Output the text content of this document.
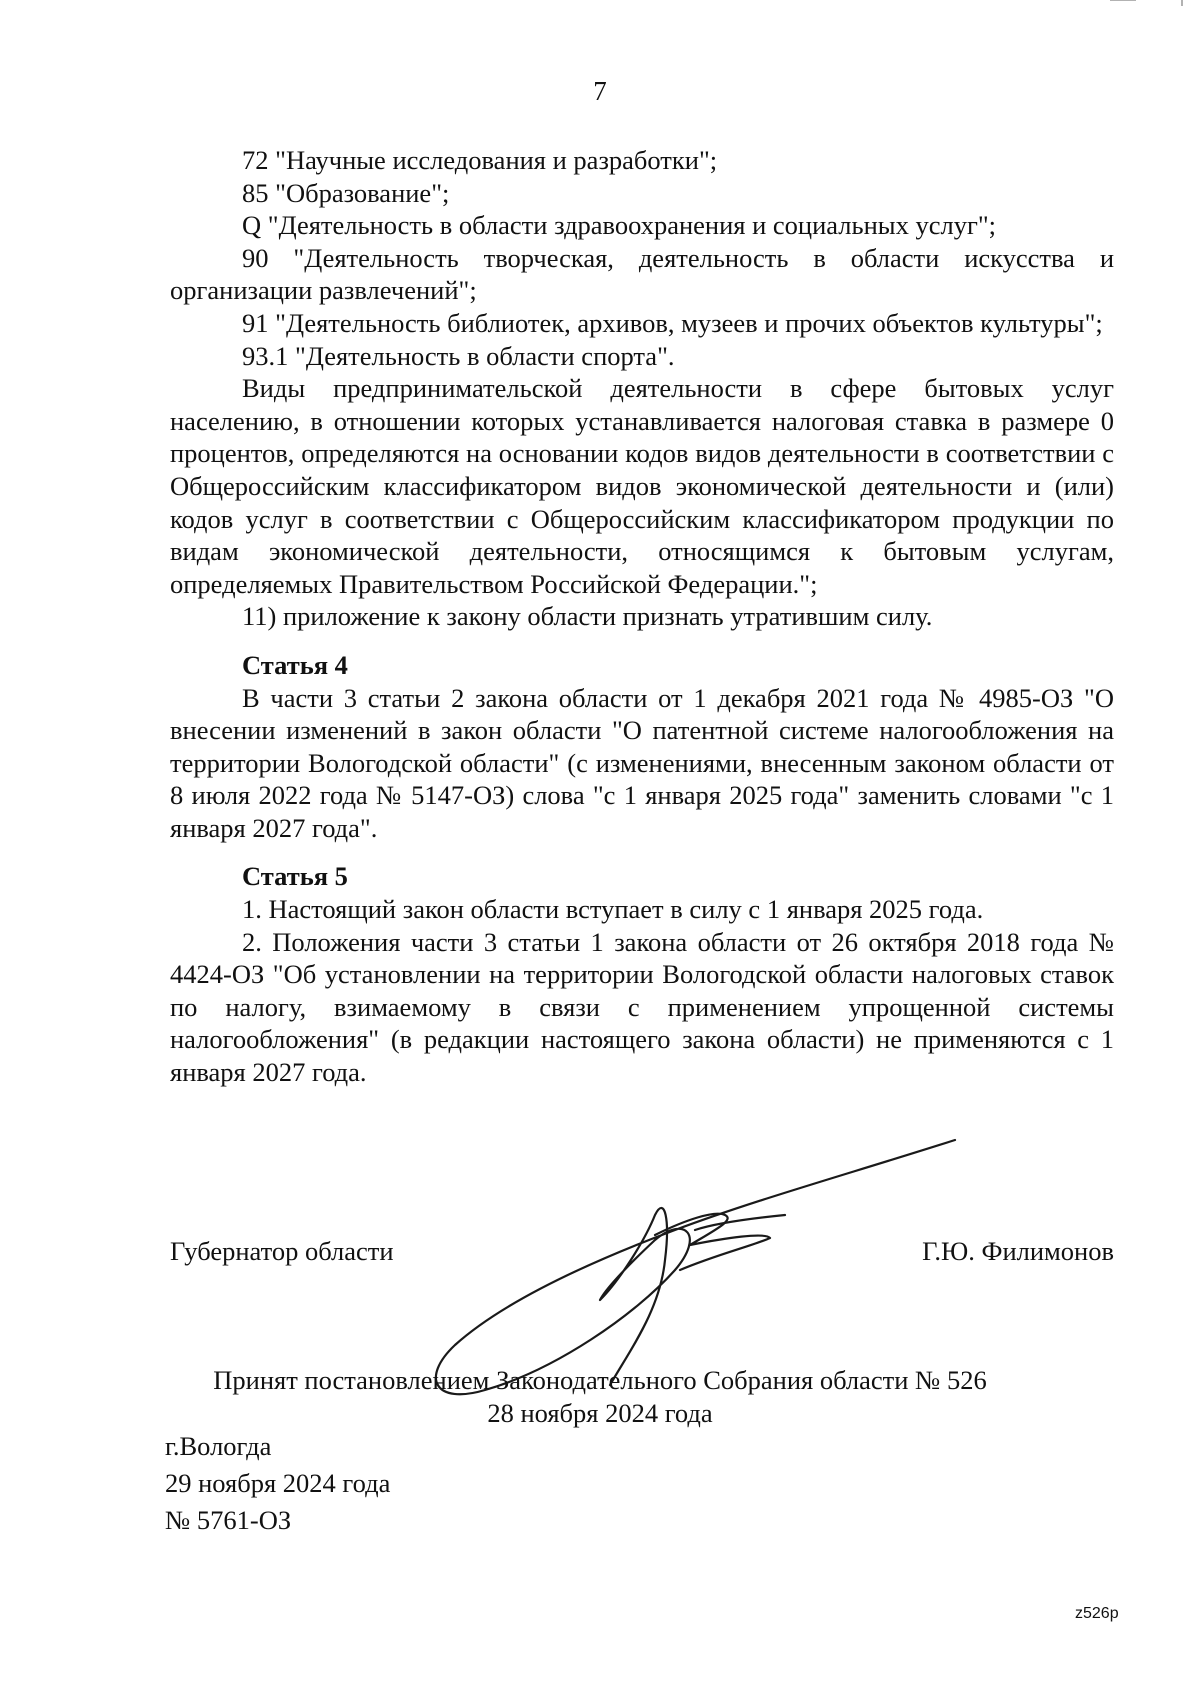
7

72 "Научные исследования и разработки";

85 "Образование";

Q "Деятельность в области здравоохранения и социальных услуг";

90 "Деятельность творческая, деятельность в области искусства и организации развлечений";

91 "Деятельность библиотек, архивов, музеев и прочих объектов культуры";

93.1 "Деятельность в области спорта".

Виды предпринимательской деятельности в сфере бытовых услуг населению, в отношении которых устанавливается налоговая ставка в размере 0 процентов, определяются на основании кодов видов деятельности в соответствии с Общероссийским классификатором видов экономической деятельности и (или) кодов услуг в соответствии с Общероссийским классификатором продукции по видам экономической деятельности, относящимся к бытовым услугам, определяемых Правительством Российской Федерации.";

11) приложение к закону области признать утратившим силу.

Статья 4

В части 3 статьи 2 закона области от 1 декабря 2021 года № 4985-ОЗ "О внесении изменений в закон области "О патентной системе налогообложения на территории Вологодской области" (с изменениями, внесенным законом области от 8 июля 2022 года № 5147-ОЗ) слова "с 1 января 2025 года" заменить словами "с 1 января 2027 года".

Статья 5

1. Настоящий закон области вступает в силу с 1 января 2025 года.

2. Положения части 3 статьи 1 закона области от 26 октября 2018 года № 4424-ОЗ "Об установлении на территории Вологодской области налоговых ставок по налогу, взимаемому в связи с применением упрощенной системы налогообложения" (в редакции настоящего закона области) не применяются с 1 января 2027 года.

Губернатор области	Г.Ю. Филимонов
Принят постановлением Законодательного Собрания области № 526
28 ноября 2024 года
г.Вологда
29 ноября 2024 года
№ 5761-ОЗ
z526р
